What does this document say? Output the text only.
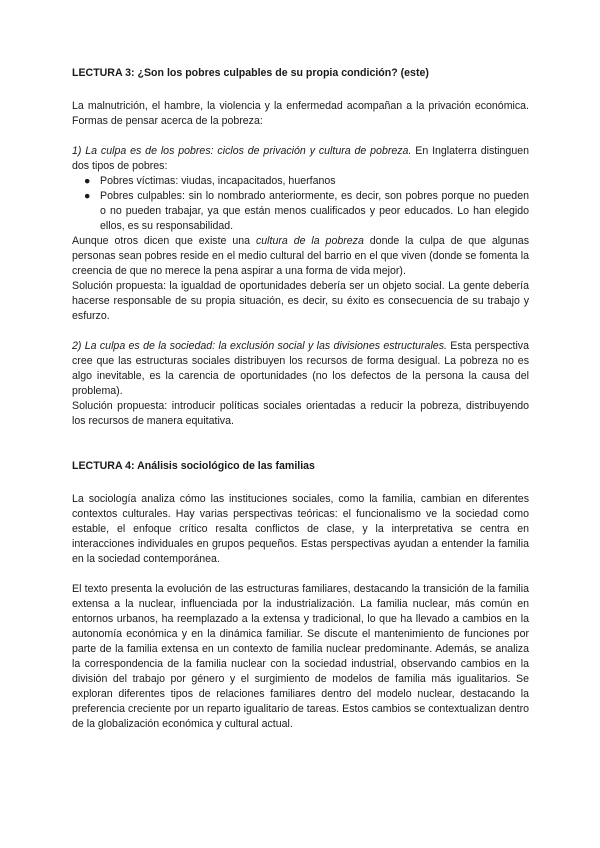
LECTURA 3: ¿Son los pobres culpables de su propia condición? (este)

La malnutrición, el hambre, la violencia y la enfermedad acompañan a la privación económica. Formas de pensar acerca de la pobreza:

1) La culpa es de los pobres: ciclos de privación y cultura de pobreza. En Inglaterra distinguen dos tipos de pobres:

● Pobres víctimas: viudas, incapacitados, huerfanos
● Pobres culpables: sin lo nombrado anteriormente, es decir, son pobres porque no pueden o no pueden trabajar, ya que están menos cualificados y peor educados. Lo han elegido ellos, es su responsabilidad.

Aunque otros dicen que existe una cultura de la pobreza donde la culpa de que algunas personas sean pobres reside en el medio cultural del barrio en el que viven (donde se fomenta la creencia de que no merece la pena aspirar a una forma de vida mejor).

Solución propuesta: la igualdad de oportunidades debería ser un objeto social. La gente debería hacerse responsable de su propia situación, es decir, su éxito es consecuencia de su trabajo y esfurzo.

2) La culpa es de la sociedad: la exclusión social y las divisiones estructurales. Esta perspectiva cree que las estructuras sociales distribuyen los recursos de forma desigual. La pobreza no es algo inevitable, es la carencia de oportunidades (no los defectos de la persona la causa del problema).

Solución propuesta: introducir políticas sociales orientadas a reducir la pobreza, distribuyendo los recursos de manera equitativa.

LECTURA 4: Análisis sociológico de las familias

La sociología analiza cómo las instituciones sociales, como la familia, cambian en diferentes contextos culturales. Hay varias perspectivas teóricas: el funcionalismo ve la sociedad como estable, el enfoque crítico resalta conflictos de clase, y la interpretativa se centra en interacciones individuales en grupos pequeños. Estas perspectivas ayudan a entender la familia en la sociedad contemporánea.

El texto presenta la evolución de las estructuras familiares, destacando la transición de la familia extensa a la nuclear, influenciada por la industrialización. La familia nuclear, más común en entornos urbanos, ha reemplazado a la extensa y tradicional, lo que ha llevado a cambios en la autonomía económica y en la dinámica familiar. Se discute el mantenimiento de funciones por parte de la familia extensa en un contexto de familia nuclear predominante. Además, se analiza la correspondencia de la familia nuclear con la sociedad industrial, observando cambios en la división del trabajo por género y el surgimiento de modelos de familia más igualitarios. Se exploran diferentes tipos de relaciones familiares dentro del modelo nuclear, destacando la preferencia creciente por un reparto igualitario de tareas. Estos cambios se contextualizan dentro de la globalización económica y cultural actual.
